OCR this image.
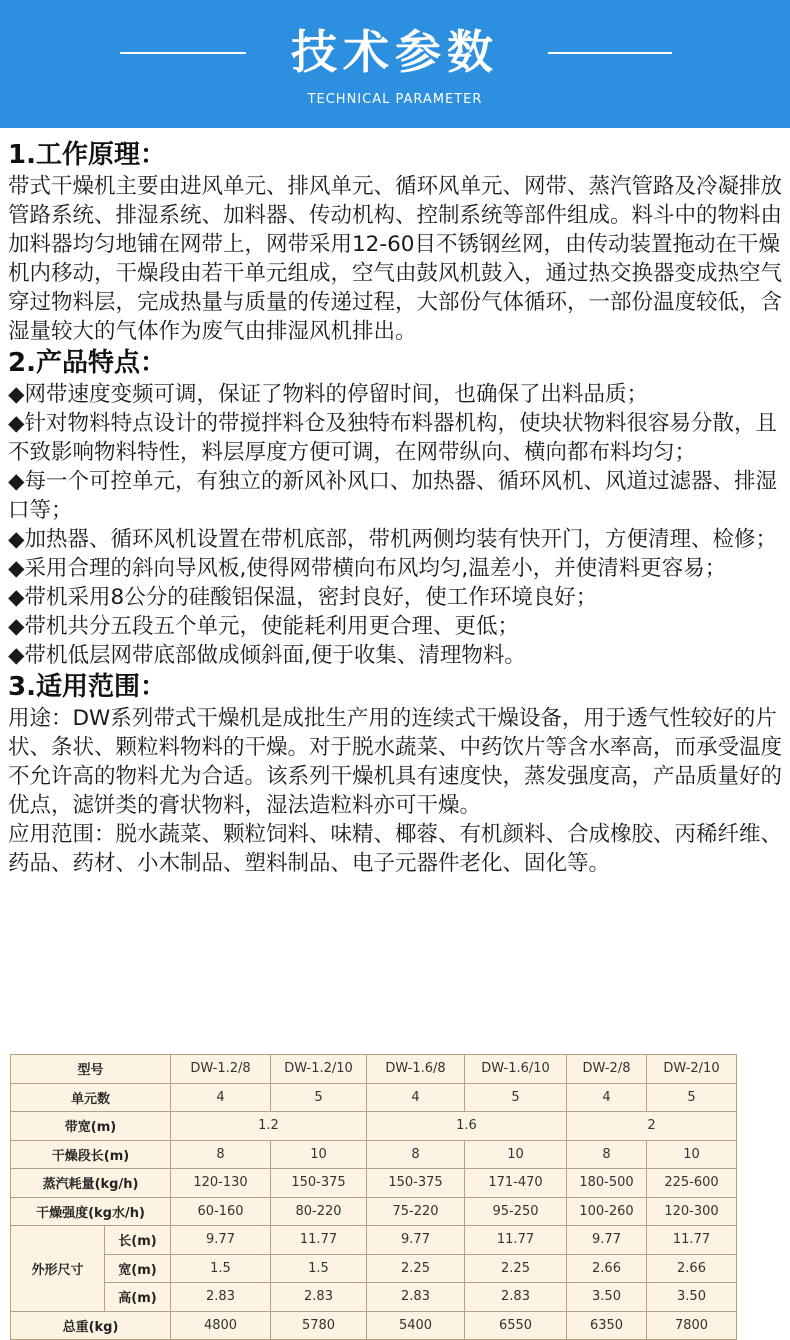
技术参数
TECHNICAL PARAMETER
1.工作原理：

带式干燥机主要由进风单元、排风单元、循环风单元、网带、蒸汽管路及冷凝排放管路系统、排湿系统、加料器、传动机构、控制系统等部件组成。料斗中的物料由加料器均匀地铺在网带上，网带采用12-60目不锈钢丝网，由传动装置拖动在干燥机内移动，干燥段由若干单元组成，空气由鼓风机鼓入，通过热交换器变成热空气穿过物料层，完成热量与质量的传递过程，大部份气体循环，一部份温度较低，含湿量较大的气体作为废气由排湿风机排出。

2.产品特点：

◆网带速度变频可调，保证了物料的停留时间，也确保了出料品质；

◆针对物料特点设计的带搅拌料仓及独特布料器机构，使块状物料很容易分散，且不致影响物料特性，料层厚度方便可调，在网带纵向、横向都布料均匀；

◆每一个可控单元，有独立的新风补风口、加热器、循环风机、风道过滤器、排湿口等；

◆加热器、循环风机设置在带机底部，带机两侧均装有快开门，方便清理、检修；

◆采用合理的斜向导风板,使得网带横向布风均匀,温差小，并使清料更容易；

◆带机采用8公分的硅酸铝保温，密封良好，使工作环境良好；

◆带机共分五段五个单元，使能耗利用更合理、更低；

◆带机低层网带底部做成倾斜面,便于收集、清理物料。

3.适用范围：

用途：DW系列带式干燥机是成批生产用的连续式干燥设备，用于透气性较好的片状、条状、颗粒料物料的干燥。对于脱水蔬菜、中药饮片等含水率高，而承受温度不允许高的物料尤为合适。该系列干燥机具有速度快，蒸发强度高，产品质量好的优点，滤饼类的膏状物料，湿法造粒料亦可干燥。

应用范围：脱水蔬菜、颗粒饲料、味精、椰蓉、有机颜料、合成橡胶、丙稀纤维、药品、药材、小木制品、塑料制品、电子元器件老化、固化等。

型号		DW-1.2/8	DW-1.2/10	DW-1.6/8	DW-1.6/10	DW-2/8	DW-2/10
单元数		4	5	4	5	4	5
带宽(m)		1.2		1.6		2	
干燥段长(m)		8	10	8	10	8	10
蒸汽耗量(kg/h)		120-130	150-375	150-375	171-470	180-500	225-600
干燥强度(kg水/h)		60-160	80-220	75-220	95-250	100-260	120-300
外形尺寸	长(m)	9.77	11.77	9.77	11.77	9.77	11.77
	宽(m)	1.5	1.5	2.25	2.25	2.66	2.66
	高(m)	2.83	2.83	2.83	2.83	3.50	3.50
总重(kg)		4800	5780	5400	6550	6350	7800
